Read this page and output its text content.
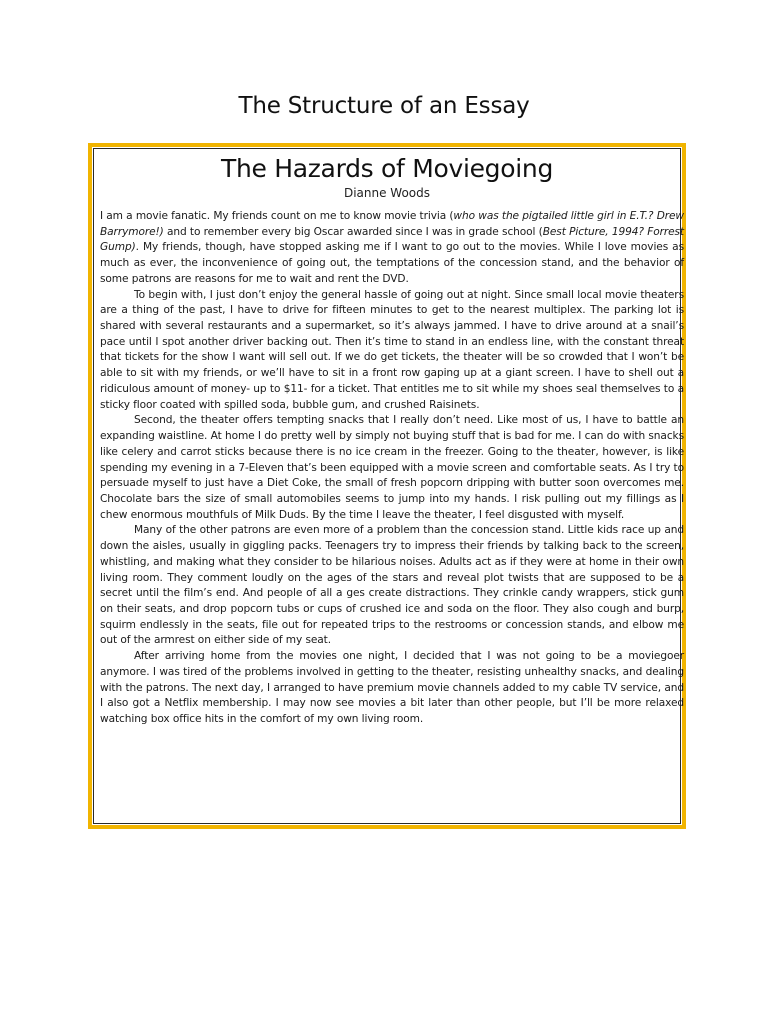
The Structure of an Essay
The Hazards of Moviegoing
Dianne Woods

I am a movie fanatic. My friends count on me to know movie trivia (who was the pigtailed little girl in E.T.? Drew Barrymore!) and to remember every big Oscar awarded since I was in grade school (Best Picture, 1994? Forrest Gump). My friends, though, have stopped asking me if I want to go out to the movies. While I love movies as much as ever, the inconvenience of going out, the temptations of the concession stand, and the behavior of some patrons are reasons for me to wait and rent the DVD.

To begin with, I just don’t enjoy the general hassle of going out at night. Since small local movie theaters are a thing of the past, I have to drive for fifteen minutes to get to the nearest multiplex. The parking lot is shared with several restaurants and a supermarket, so it’s always jammed. I have to drive around at a snail’s pace until I spot another driver backing out. Then it’s time to stand in an endless line, with the constant threat that tickets for the show I want will sell out. If we do get tickets, the theater will be so crowded that I won’t be able to sit with my friends, or we’ll have to sit in a front row gaping up at a giant screen. I have to shell out a ridiculous amount of money- up to $11- for a ticket. That entitles me to sit while my shoes seal themselves to a sticky floor coated with spilled soda, bubble gum, and crushed Raisinets.

Second, the theater offers tempting snacks that I really don’t need. Like most of us, I have to battle an expanding waistline. At home I do pretty well by simply not buying stuff that is bad for me. I can do with snacks like celery and carrot sticks because there is no ice cream in the freezer. Going to the theater, however, is like spending my evening in a 7-Eleven that’s been equipped with a movie screen and comfortable seats. As I try to persuade myself to just have a Diet Coke, the small of fresh popcorn dripping with butter soon overcomes me. Chocolate bars the size of small automobiles seems to jump into my hands. I risk pulling out my fillings as I chew enormous mouthfuls of Milk Duds. By the time I leave the theater, I feel disgusted with myself.

Many of the other patrons are even more of a problem than the concession stand. Little kids race up and down the aisles, usually in giggling packs. Teenagers try to impress their friends by talking back to the screen, whistling, and making what they consider to be hilarious noises. Adults act as if they were at home in their own living room. They comment loudly on the ages of the stars and reveal plot twists that are supposed to be a secret until the film’s end. And people of all a ges create distractions. They crinkle candy wrappers, stick gum on their seats, and drop popcorn tubs or cups of crushed ice and soda on the floor. They also cough and burp, squirm endlessly in the seats, file out for repeated trips to the restrooms or concession stands, and elbow me out of the armrest on either side of my seat.

After arriving home from the movies one night, I decided that I was not going to be a moviegoer anymore. I was tired of the problems involved in getting to the theater, resisting unhealthy snacks, and dealing with the patrons. The next day, I arranged to have premium movie channels added to my cable TV service, and I also got a Netflix membership. I may now see movies a bit later than other people, but I’ll be more relaxed watching box office hits in the comfort of my own living room.
